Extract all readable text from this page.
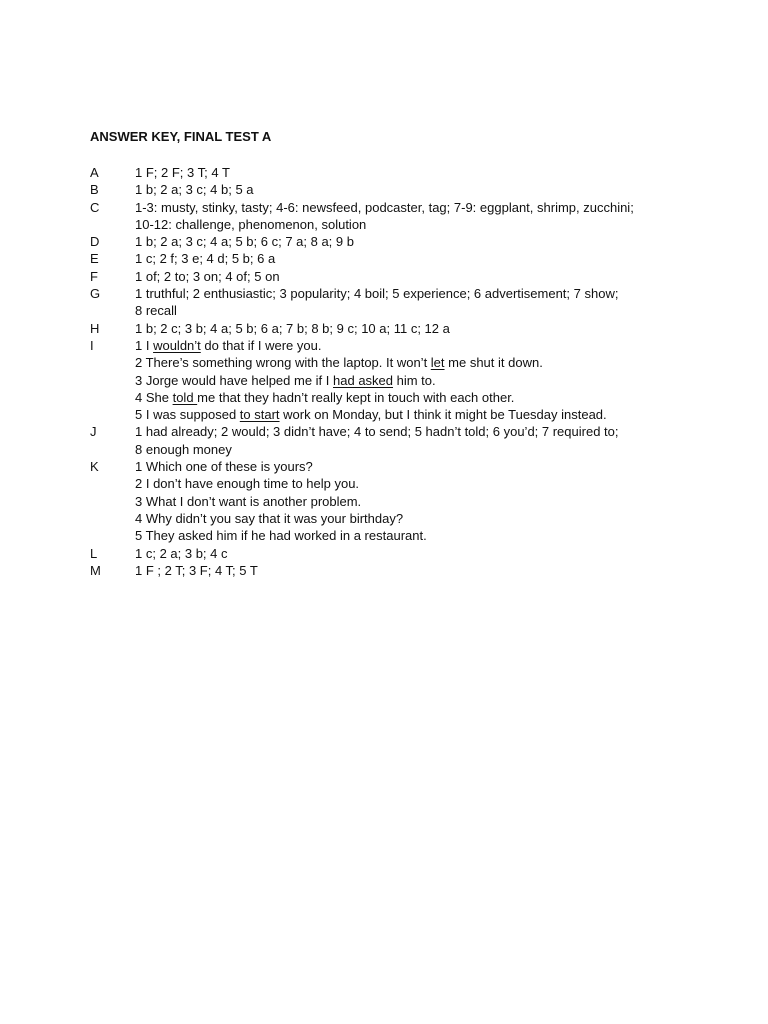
ANSWER KEY, FINAL TEST A
A	1 F; 2 F; 3 T; 4 T
B	1 b; 2 a; 3 c; 4 b; 5 a
C	1-3: musty, stinky, tasty; 4-6: newsfeed, podcaster, tag; 7-9: eggplant, shrimp, zucchini;
10-12: challenge, phenomenon, solution
D	1 b; 2 a; 3 c; 4 a; 5 b; 6 c; 7 a; 8 a; 9 b
E	1 c; 2 f; 3 e; 4 d; 5 b; 6 a
F	1 of; 2 to; 3 on; 4 of; 5 on
G	1 truthful; 2 enthusiastic; 3 popularity; 4 boil; 5 experience; 6 advertisement; 7 show;
8 recall
H	1 b; 2 c; 3 b; 4 a; 5 b; 6 a; 7 b; 8 b; 9 c; 10 a; 11 c; 12 a
I	1 I wouldn’t do that if I were you.
2 There’s something wrong with the laptop. It won’t let me shut it down.
3 Jorge would have helped me if I had asked him to.
4 She told me that they hadn’t really kept in touch with each other.
5 I was supposed to start work on Monday, but I think it might be Tuesday instead.
J	1 had already; 2 would; 3 didn’t have; 4 to send; 5 hadn’t told; 6 you’d; 7 required to;
8 enough money
K	1 Which one of these is yours?
2 I don’t have enough time to help you.
3 What I don’t want is another problem.
4 Why didn’t you say that it was your birthday?
5 They asked him if he had worked in a restaurant.
L	1 c; 2 a; 3 b; 4 c
M	1 F ; 2 T; 3 F; 4 T; 5 T
